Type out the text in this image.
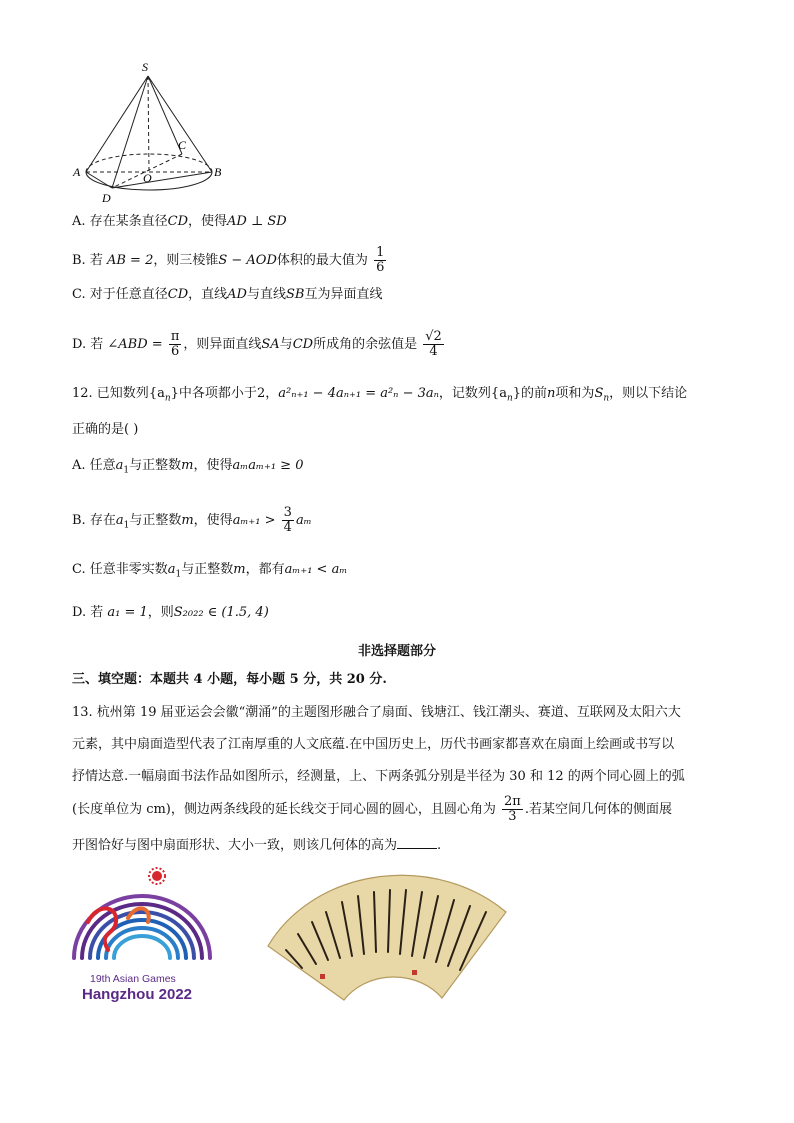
S
A	B
C
O
D
A. 存在某条直径CD，使得AD ⊥ SD
B. 若 AB = 2，则三棱锥S − AOD体积的最大值为 $\frac{1}{6}$
C. 对于任意直径CD，直线AD与直线SB互为异面直线
D. 若 ∠ABD = $\frac{\pi}{6}$ ，则异面直线SA与CD所成角的余弦值是 $\frac{√2}{4}$
12. 已知数列$\{a_n\}$中各项都小于2，a²ₙ₊₁ − 4aₙ₊₁ = a²ₙ − 3aₙ，记数列$\{a_n\}$的前n项和为$S_n$，则以下结论
正确的是( )
A. 任意$a_1$与正整数m，使得aₘaₘ₊₁ ≥ 0
B. 存在$a_1$与正整数m，使得$a_{m+1} > \frac{3}{4}$ aₘ
C. 任意非零实数$a_1$与正整数m，都有aₘ₊₁ < aₘ
D. 若 a₁ = 1，则S₂₀₂₂ ∈ (1.5, 4)
非选择题部分
三、填空题：本题共 4 小题，每小题 5 分，共 20 分.
13. 杭州第 19 届亚运会会徽“潮涌”的主题图形融合了扇面、钱塘江、钱江潮头、赛道、互联网及太阳六大
元素，其中扇面造型代表了江南厚重的人文底蕴.在中国历史上，历代书画家都喜欢在扇面上绘画或书写以
抒情达意.一幅扇面书法作品如图所示，经测量，上、下两条弧分别是半径为 30 和 12 的两个同心圆上的弧
(长度单位为 cm)，侧边两条线段的延长线交于同心圆的圆心，且圆心角为 $\frac{2\pi}{3}$ .若某空间几何体的侧面展
开图恰好与图中扇面形状、大小一致，则该几何体的高为	.
19th Asian Games
Hangzhou 2022
